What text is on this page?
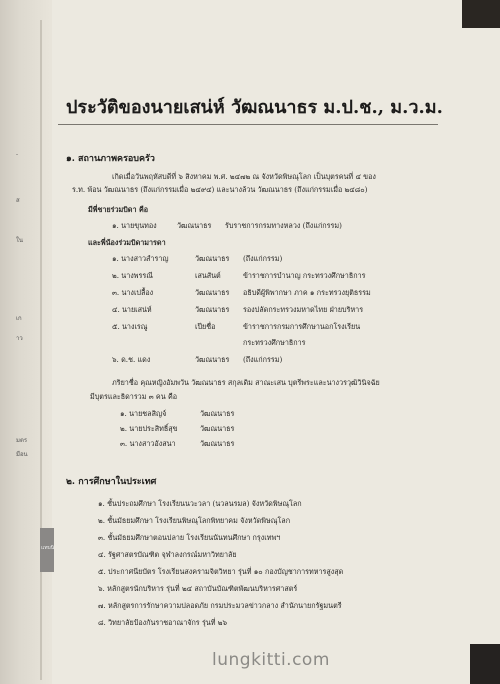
-
ส
ใน
เก
าว
มตร
มือน
แทบนิ
ประวัติของนายเสน่ห์ วัฒณนาธร ม.ป.ช., ม.ว.ม.
๑. สถานภาพครอบครัว
เกิดเมื่อวันพฤหัสบดีที่ ๖ สิงหาคม พ.ศ. ๒๔๗๒ ณ จังหวัดพิษณุโลก เป็นบุตรคนที่ ๔ ของ
ร.ท. พ้อน วัฒณนาธร (ถึงแก่กรรมเมื่อ ๒๔๙๔) และนางล้วน วัฒณนาธร (ถึงแก่กรรมเมื่อ ๒๔๘๐)
มีพี่ชายร่วมบิดา คือ
๑. นายขุนทอง	วัฒณนาธร รับราชการกรมทางหลวง (ถึงแก่กรรม)
และพี่น้องร่วมบิดามารดา
๑. นางสาวสำราญ	วัฒณนาธร (ถึงแก่กรรม)
๒. นางพรรณี	เสนสันต์	ข้าราชการบำนาญ กระทรวงศึกษาธิการ
๓. นางเปลื้อง	วัฒณนาธร อธิบดีผู้พิพากษา ภาค ๑ กระทรวงยุติธรรม
๔. นายเสน่ห์	วัฒณนาธร รองปลัดกระทรวงมหาดไทย ฝ่ายบริหาร
๕. นางเรณู	เปียชื่อ	ข้าราชการกรมการศึกษานอกโรงเรียน
กระทรวงศึกษาธิการ
๖. ด.ช. แดง	วัฒณนาธร (ถึงแก่กรรม)
ภริยาชื่อ คุณหญิงอัมพวัน วัฒณนาธร สกุลเดิม สาณะเสน บุตรีพระและนางวรวุฒิวินิจฉัย
มีบุตรและธิดารวม ๓ คน คือ
๑. นายชลสิญจ์	วัฒณนาธร
๒. นายประสิทธิ์สุข	วัฒณนาธร
๓. นางสาวอังสนา	วัฒณนาธร
๒. การศึกษาในประเทศ
๑. ชั้นประถมศึกษา โรงเรียนนวะวลา (นวลนรมล) จังหวัดพิษณุโลก
๒. ชั้นมัธยมศึกษา โรงเรียนพิษณุโลกพิทยาคม จังหวัดพิษณุโลก
๓. ชั้นมัธยมศึกษาตอนปลาย โรงเรียนนันทนศึกษา กรุงเทพฯ
๔. รัฐศาสตรบัณฑิต จุฬาลงกรณ์มหาวิทยาลัย
๕. ประกาศนียบัตร โรงเรียนสงครามจิตวิทยา รุ่นที่ ๑๐ กองบัญชาการทหารสูงสุด
๖. หลักสูตรนักบริหาร รุ่นที่ ๒๔ สถาบันบัณฑิตพัฒนบริหารศาสตร์
๗. หลักสูตรการรักษาความปลอดภัย กรมประมวลข่าวกลาง สำนักนายกรัฐมนตรี
๘. วิทยาลัยป้องกันราชอาณาจักร รุ่นที่ ๒๖
lungkitti.com
